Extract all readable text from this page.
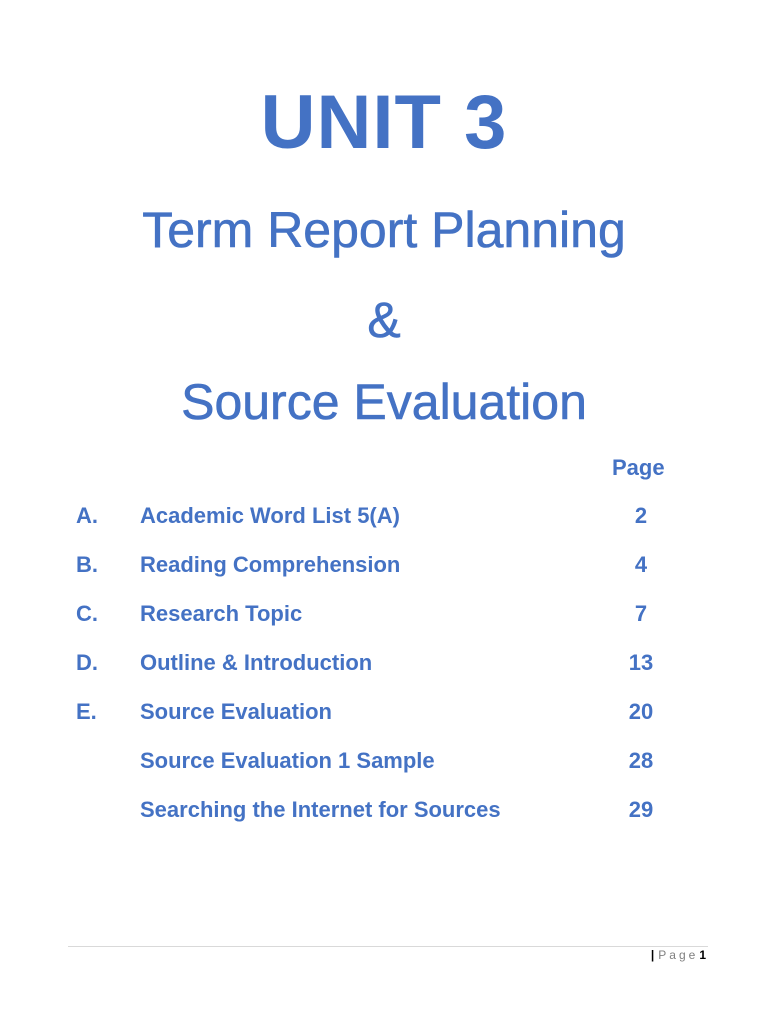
UNIT 3
Term Report Planning
&
Source Evaluation
Page
A. Academic Word List 5(A)	2
B. Reading Comprehension	4
C. Research Topic	7
D. Outline & Introduction	13
E. Source Evaluation	20
Source Evaluation 1 Sample	28
Searching the Internet for Sources	29
| Page1
